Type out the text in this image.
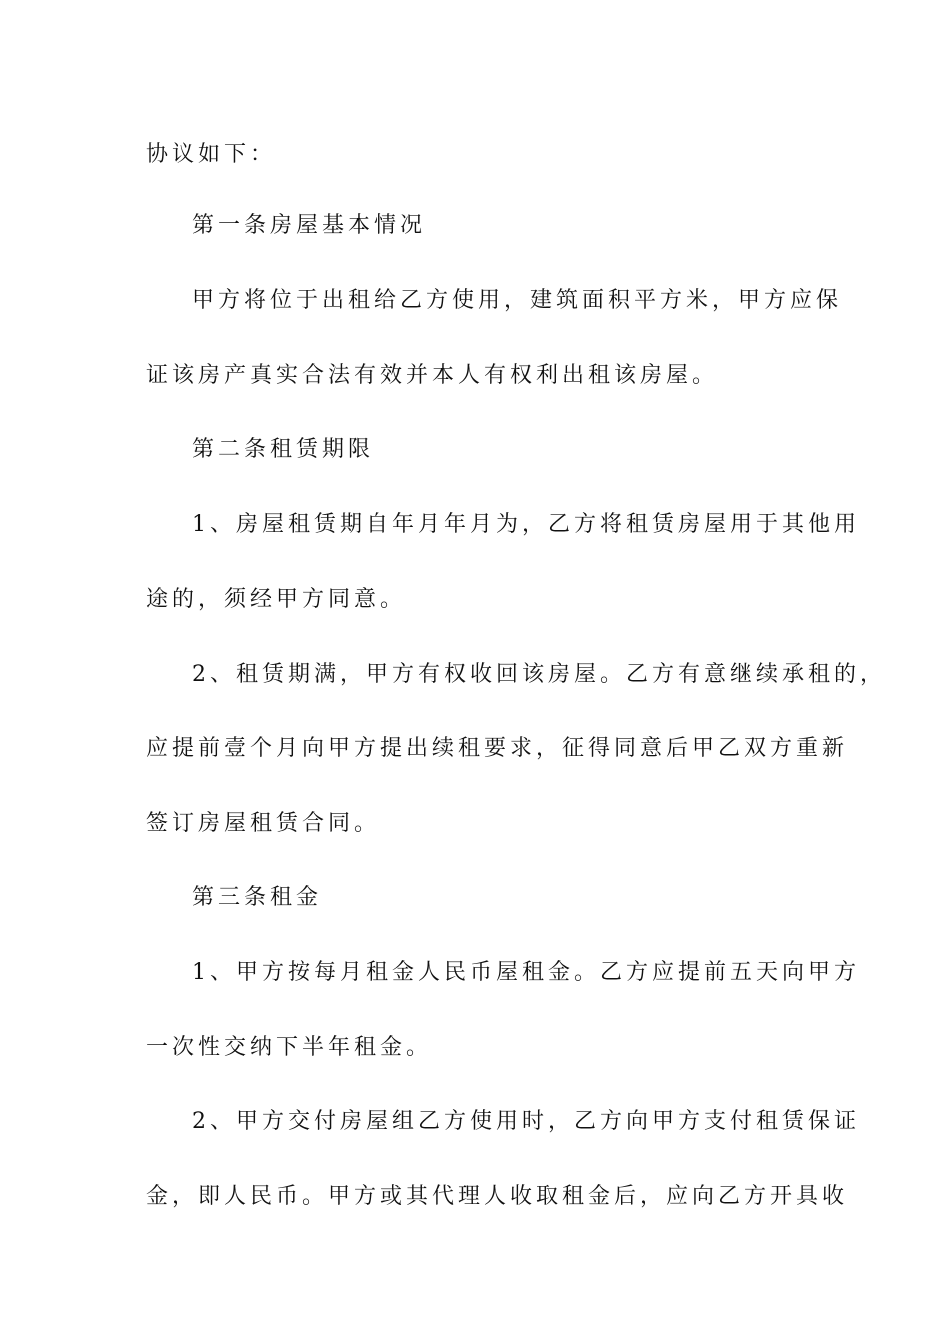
协议如下：

第一条房屋基本情况

甲方将位于出租给乙方使用，建筑面积平方米，甲方应保

证该房产真实合法有效并本人有权利出租该房屋。

第二条租赁期限

1、房屋租赁期自年月年月为，乙方将租赁房屋用于其他用

途的，须经甲方同意。

2、租赁期满，甲方有权收回该房屋。乙方有意继续承租的，

应提前壹个月向甲方提出续租要求，征得同意后甲乙双方重新

签订房屋租赁合同。

第三条租金

1、甲方按每月租金人民币屋租金。乙方应提前五天向甲方

一次性交纳下半年租金。

2、甲方交付房屋组乙方使用时，乙方向甲方支付租赁保证

金，即人民币。甲方或其代理人收取租金后，应向乙方开具收
